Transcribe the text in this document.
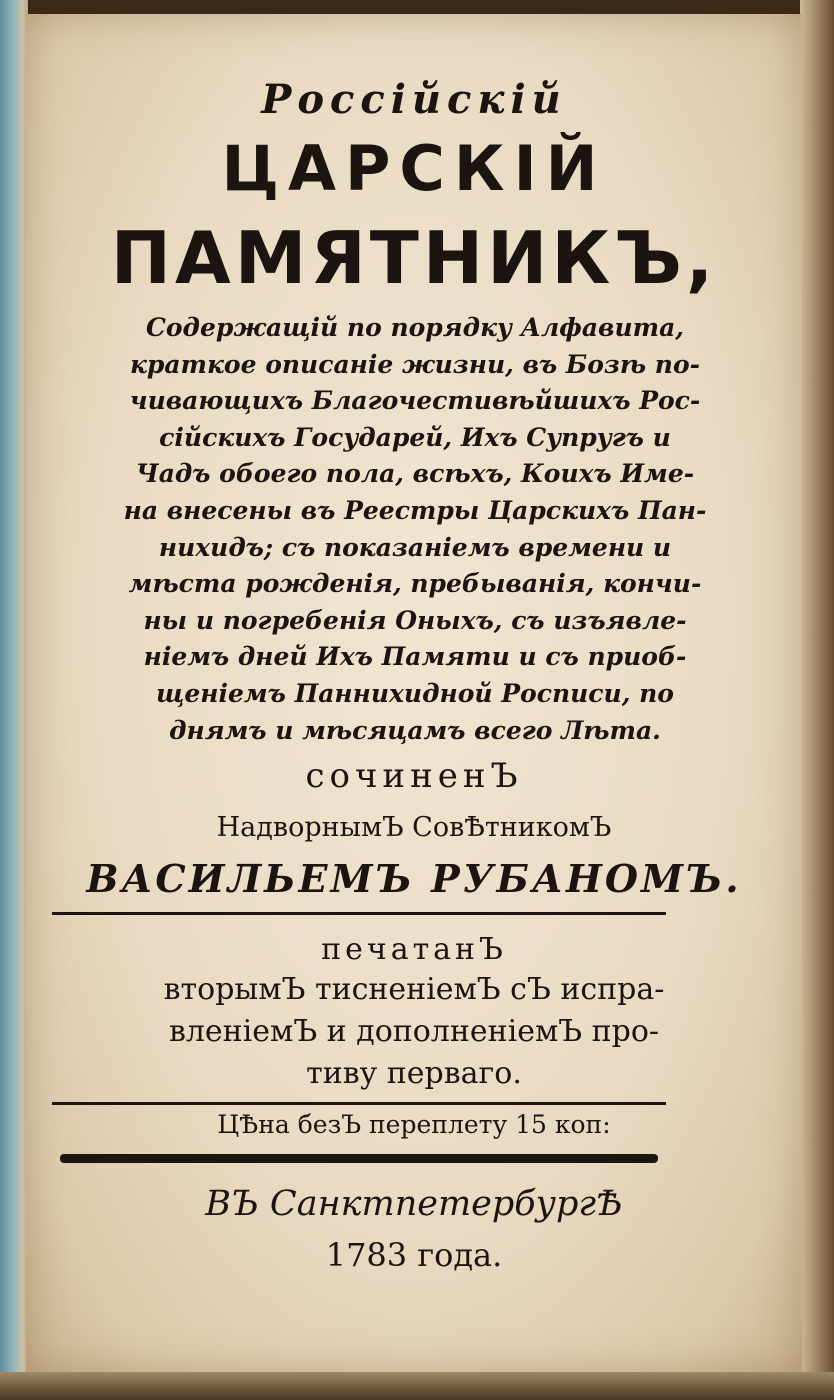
Россійскій
ЦАРСКІЙ
ПАМЯТНИКЪ,
Содержащій по порядку Алфавита,
краткое описаніе жизни, въ Бозѣ по-
чивающихъ Благочестивѣйшихъ Рос-
сійскихъ Государей, Ихъ Супругъ и
Чадъ обоего пола, всѣхъ, Коихъ Име-
на внесены въ Реестры Царскихъ Пан-
нихидъ; съ показаніемъ времени и
мѣста рожденія, пребыванія, кончи-
ны и погребенія Оныхъ, съ изъявле-
ніемъ дней Ихъ Памяти и съ приоб-
щеніемъ Паннихидной Росписи, по
днямъ и мѣсяцамъ всего Лѣта.
сочиненЪ
НадворнымЪ СовѢтникомЪ
ВАСИЛЬЕМЪ РУБАНОМЪ.
печатанЪ
вторымЪ тисненіемЪ сЪ испра-
вленіемЪ и дополненіемЪ про-
тиву перваго.
ЦѢна безЪ переплету 15 коп:
ВЪ СанктпетербургѢ
1783 года.
